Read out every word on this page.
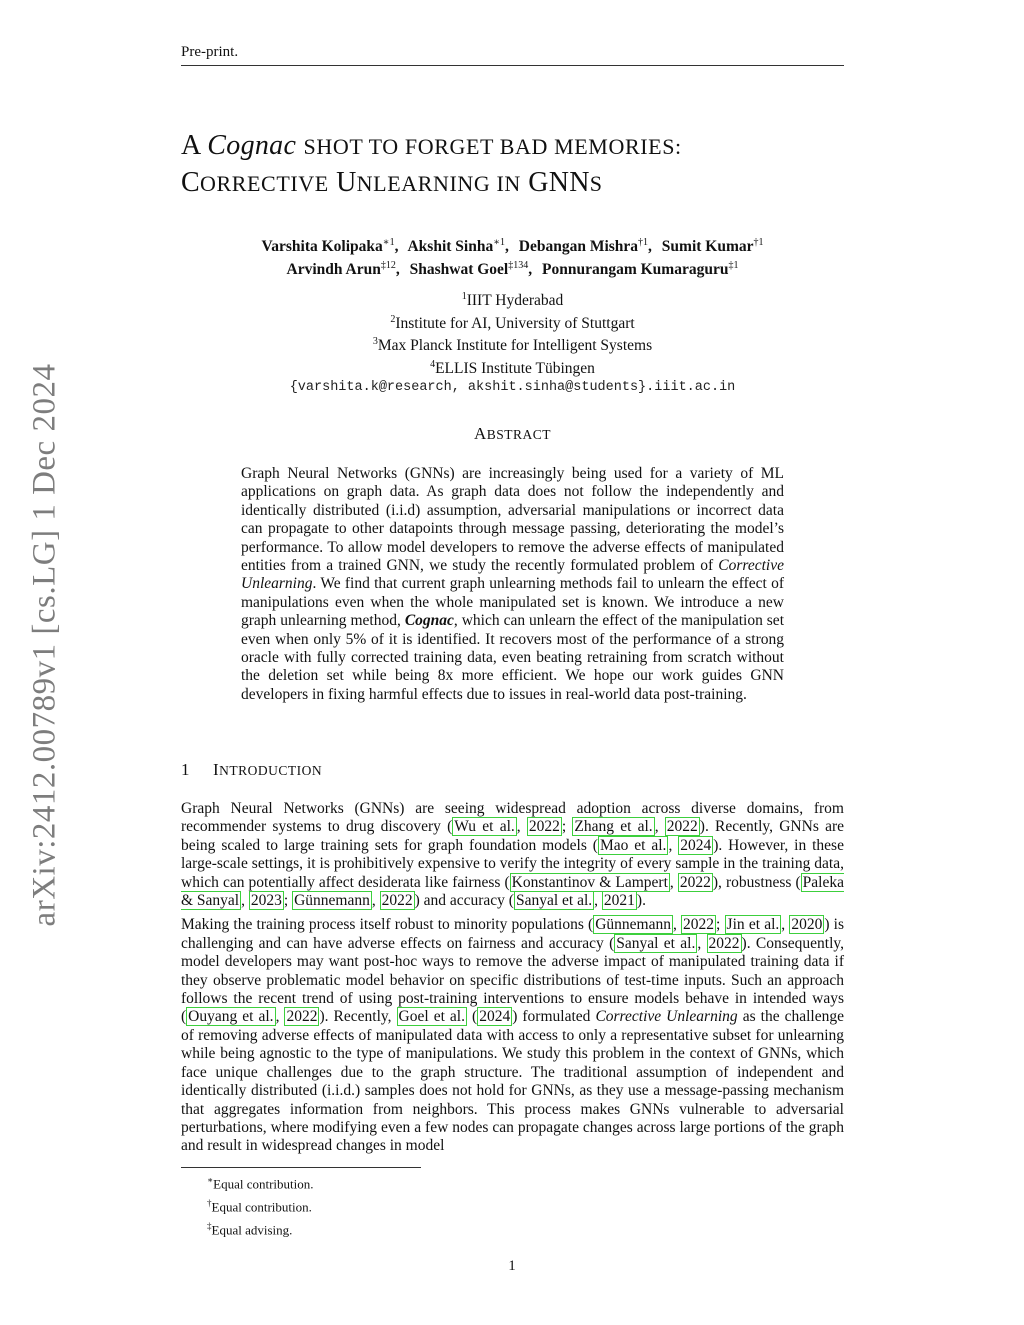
Pre-print.
arXiv:2412.00789v1 [cs.LG] 1 Dec 2024
A Cognac SHOT TO FORGET BAD MEMORIES:
CORRECTIVE UNLEARNING IN GNNS
Varshita Kolipaka$^{∗1}$, Akshit Sinha$^{∗1}$, Debangan Mishra$^{\dagger 1}$, Sumit Kumar$^{\dagger 1}$
Arvindh Arun$^{\ddagger 12}$, Shashwat Goel$^{\ddagger 134}$, Ponnurangam Kumaraguru$^{\ddagger 1}$
$^1$IIIT Hyderabad
$^2$Institute for AI, University of Stuttgart
$^3$Max Planck Institute for Intelligent Systems
$^4$ELLIS Institute Tübingen
{varshita.k@research, akshit.sinha@students}.iiit.ac.in
ABSTRACT
Graph Neural Networks (GNNs) are increasingly being used for a variety of ML applications on graph data. As graph data does not follow the independently and identically distributed (i.i.d) assumption, adversarial manipulations or incorrect data can propagate to other datapoints through message passing, deteriorating the model’s performance. To allow model developers to remove the adverse effects of manipulated entities from a trained GNN, we study the recently formulated problem of Corrective Unlearning. We find that current graph unlearning methods fail to unlearn the effect of manipulations even when the whole manipulated set is known. We introduce a new graph unlearning method, Cognac, which can unlearn the effect of the manipulation set even when only 5% of it is identified. It recovers most of the performance of a strong oracle with fully corrected training data, even beating retraining from scratch without the deletion set while being 8x more efficient. We hope our work guides GNN developers in fixing harmful effects due to issues in real-world data post-training.
1 INTRODUCTION

Graph Neural Networks (GNNs) are seeing widespread adoption across diverse domains, from recommender systems to drug discovery ( Wu et al. , 2022 ; Zhang et al. , 2022 ). Recently, GNNs are being scaled to large training sets for graph foundation models ( Mao et al. , 2024 ). However, in these large-scale settings, it is prohibitively expensive to verify the integrity of every sample in the training data, which can potentially affect desiderata like fairness ( Konstantinov & Lampert , 2022 ), robustness ( Paleka & Sanyal , 2023 ; Günnemann , 2022 ) and accuracy ( Sanyal et al. , 2021 ).

Making the training process itself robust to minority populations ( Günnemann , 2022 ; Jin et al. , 2020 ) is challenging and can have adverse effects on fairness and accuracy ( Sanyal et al. , 2022 ). Consequently, model developers may want post-hoc ways to remove the adverse impact of manipulated training data if they observe problematic model behavior on specific distributions of test-time inputs. Such an approach follows the recent trend of using post-training interventions to ensure models behave in intended ways ( Ouyang et al. , 2022 ). Recently, Goel et al. ( 2024 ) formulated Corrective Unlearning as the challenge of removing adverse effects of manipulated data with access to only a representative subset for unlearning while being agnostic to the type of manipulations. We study this problem in the context of GNNs, which face unique challenges due to the graph structure. The traditional assumption of independent and identically distributed (i.i.d.) samples does not hold for GNNs, as they use a message-passing mechanism that aggregates information from neighbors. This process makes GNNs vulnerable to adversarial perturbations, where modifying even a few nodes can propagate changes across large portions of the graph and result in widespread changes in model

∗Equal contribution.
†Equal contribution.
‡Equal advising.
1
